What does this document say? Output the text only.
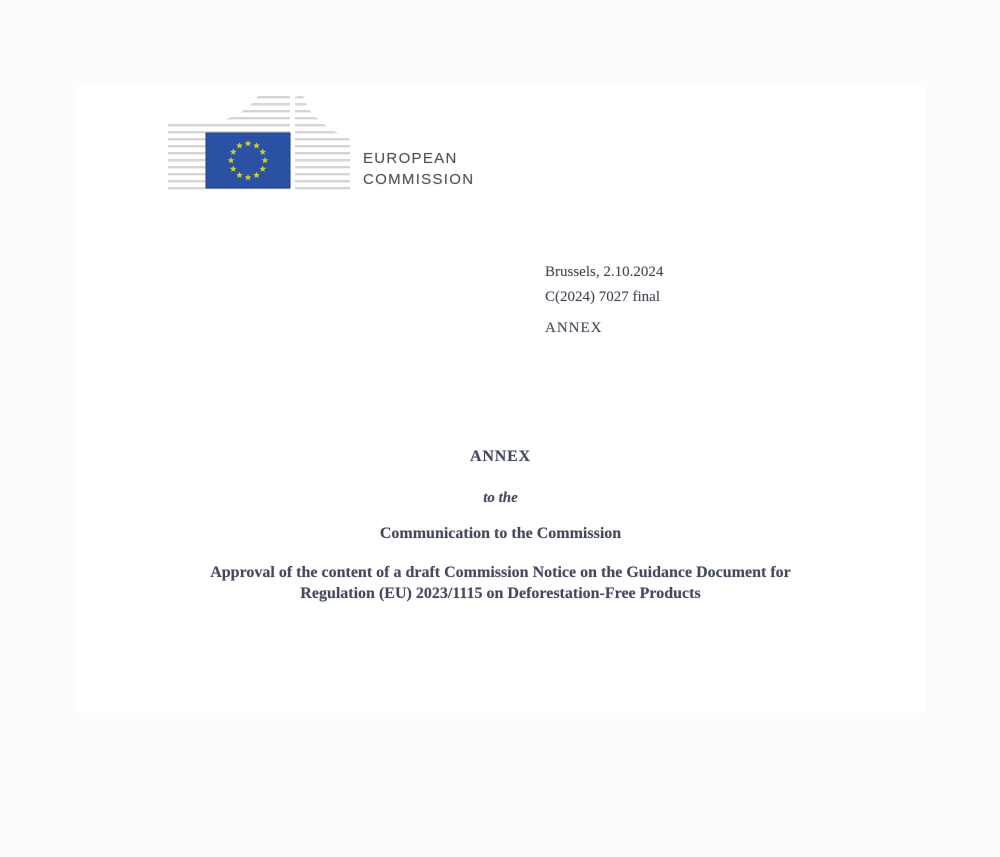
EUROPEAN
COMMISSION
Brussels, 2.10.2024
C(2024) 7027 final
ANNEX
ANNEX
to the
Communication to the Commission
Approval of the content of a draft Commission Notice on the Guidance Document for
Regulation (EU) 2023/1115 on Deforestation-Free Products
